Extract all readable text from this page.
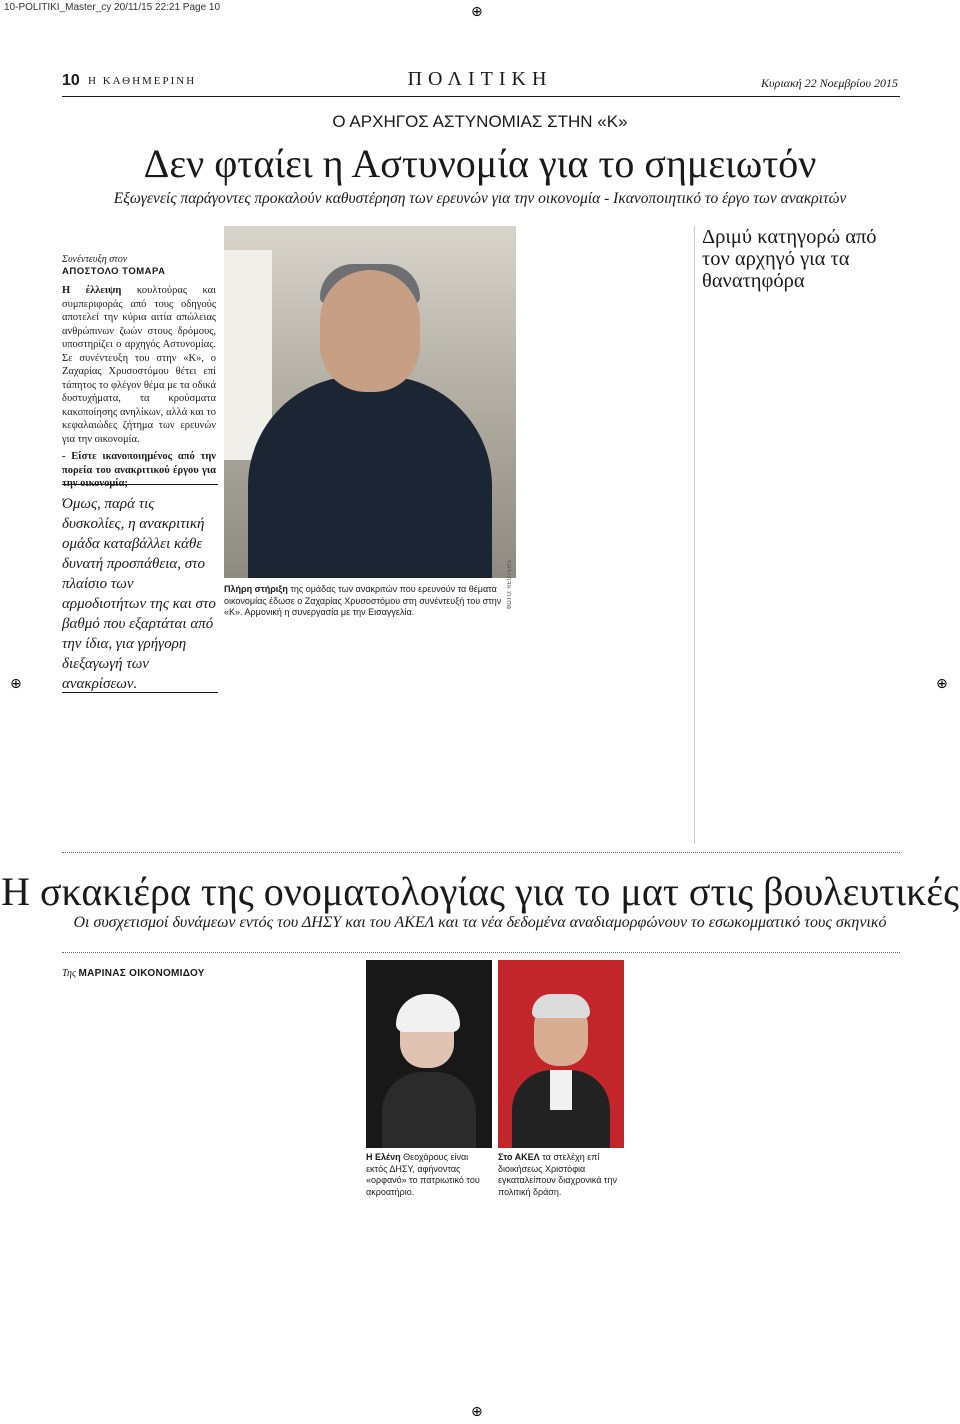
10-POLITIKI_Master_cy 20/11/15 22:21 Page 10
⊕	⊕
⊕
⊕
10 Η ΚΑΘΗΜΕΡΙΝΗ	ΠΟΛΙΤΙΚΗ	Κυριακή 22 Νοεμβρίου 2015
Ο ΑΡΧΗΓΟΣ ΑΣΤΥΝΟΜΙΑΣ ΣΤΗΝ «Κ»
Δεν φταίει η Αστυνομία για το σημειωτόν
Εξωγενείς παράγοντες προκαλούν καθυστέρηση των ερευνών για την οικονομία - Ικανοποιητικό το έργο των ανακριτών
Συνέντευξη στον
ΑΠΟΣΤΟΛΟ ΤΟΜΑΡΑ
Η έλλειψη κουλτούρας και συμπεριφοράς από τους οδηγούς αποτελεί την κύρια αιτία απώλειας ανθρώπινων ζωών στους δρόμους, υποστηρίζει ο αρχηγός Αστυνομίας. Σε συνέντευξη του στην «Κ», ο Ζαχαρίας Χρυσοστόμου θέτει επί τάπητος το φλέγον θέμα με τα οδικά δυστυχήματα, τα κρούσματα κακοποίησης ανηλίκων, αλλά και το κεφαλαιώδες ζήτημα των ερευνών για την οικονομία.
- Είστε ικανοποιημένος από την πορεία του ανακριτικού έργου για
Όμως, παρά τις δυσκολίες, η ανακριτική ομάδα καταβάλλει κάθε δυνατή προσπάθεια, στο πλαίσιο των αρμοδιοτήτων της και στο βαθμό που εξαρτάται από την ίδια, για γρήγορη διεξαγωγή των ανακρίσεων.
ΦΩΤΟ: REUTERS
Πλήρη στήριξη της ομάδας των ανακριτών που ερευνούν τα θέματα οικονομίας έδωσε ο Ζαχαρίας Χρυσοστόμου στη συνέντευξή του στην «Κ». Αρμονική η συνεργασία με την Εισαγγελία.
Δριμύ κατηγορώ από τον αρχηγό για τα θανατηφόρα
Η σκακιέρα της ονοματολογίας για το ματ στις βουλευτικές
Οι συσχετισμοί δυνάμεων εντός του ΔΗΣΥ και του ΑΚΕΛ και τα νέα δεδομένα αναδιαμορφώνουν το εσωκομματικό τους σκηνικό
Της ΜΑΡΙΝΑΣ ΟΙΚΟΝΟΜΙΔΟΥ
Η Ελένη Θεοχάρους είναι εκτός ΔΗΣΥ, αφήνοντας «ορφανό» το πατριωτικό του ακροατήριο.
Στο ΑΚΕΛ τα στελέχη επί διοικήσεως Χριστόφια εγκαταλείπουν διαχρονικά την πολιτική δράση.
